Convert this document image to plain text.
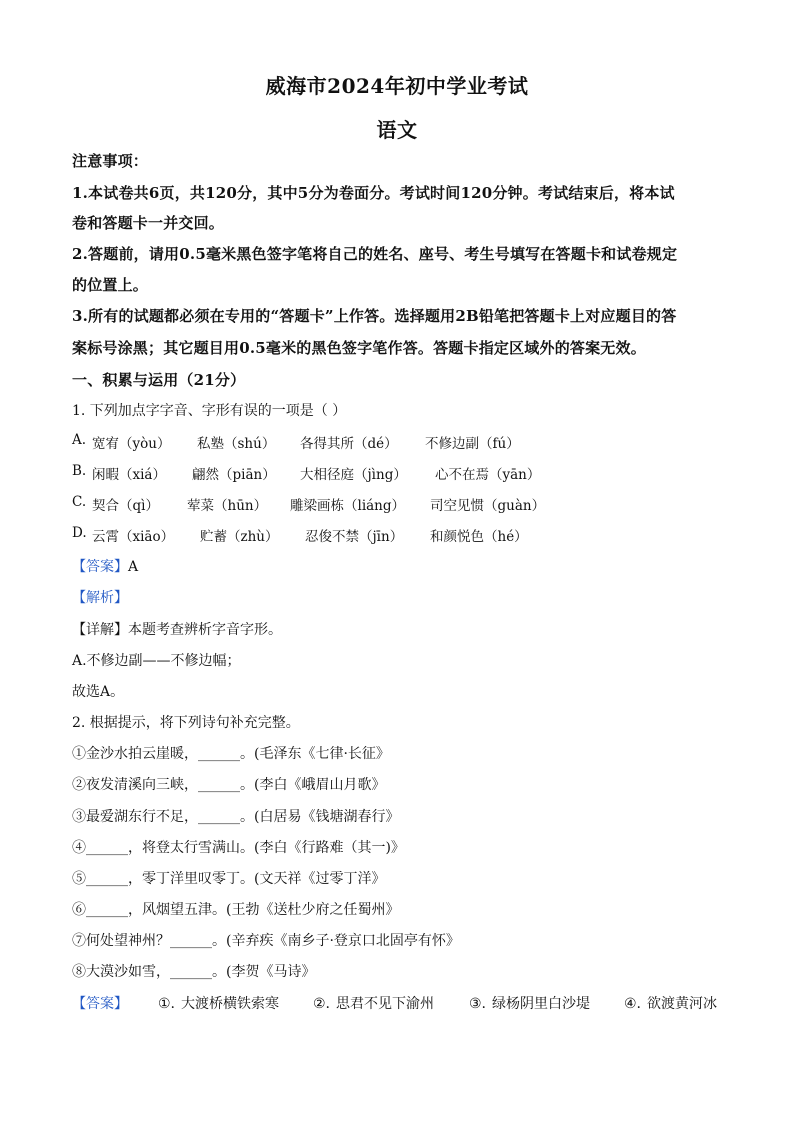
威海市2024年初中学业考试
语文
注意事项：
1.本试卷共6页，共120分，其中5分为卷面分。考试时间120分钟。考试结束后，将本试
卷和答题卡一并交回。
2.答题前，请用0.5毫米黑色签字笔将自己的姓名、座号、考生号填写在答题卡和试卷规定
的位置上。
3.所有的试题都必须在专用的“答题卡”上作答。选择题用2B铅笔把答题卡上对应题目的答
案标号涂黑；其它题目用0.5毫米的黑色签字笔作答。答题卡指定区域外的答案无效。
一、积累与运用（21分）
1. 下列加点字字音、字形有误的一项是（ ）
A. 宽宥（yòu） 私塾（shú） 各得其所（dé） 不修边副（fú）
B. 闲暇（xiá） 翩然（piān） 大相径庭（jìng） 心不在焉（yān）
C. 契合（qì） 荤菜（hūn） 雕梁画栋（liáng） 司空见惯（guàn）
D. 云霄（xiāo） 贮蓄（zhù） 忍俊不禁（jīn） 和颜悦色（hé）
【答案】A
【解析】
【详解】本题考查辨析字音字形。
A.不修边副——不修边幅；
故选A。
2. 根据提示，将下列诗句补充完整。
①金沙水拍云崖暖，______。(毛泽东《七律·长征》
②夜发清溪向三峡，______。(李白《峨眉山月歌》
③最爱湖东行不足，______。(白居易《钱塘湖春行》
④______，将登太行雪满山。(李白《行路难（其一)》
⑤______，零丁洋里叹零丁。(文天祥《过零丁洋》
⑥______，风烟望五津。(王勃《送杜少府之任蜀州》
⑦何处望神州？______。(辛弃疾《南乡子·登京口北固亭有怀》
⑧大漠沙如雪，______。(李贺《马诗》
【答案】 ①. 大渡桥横铁索寒 ②. 思君不见下渝州 ③. 绿杨阴里白沙堤 ④. 欲渡黄河冰
